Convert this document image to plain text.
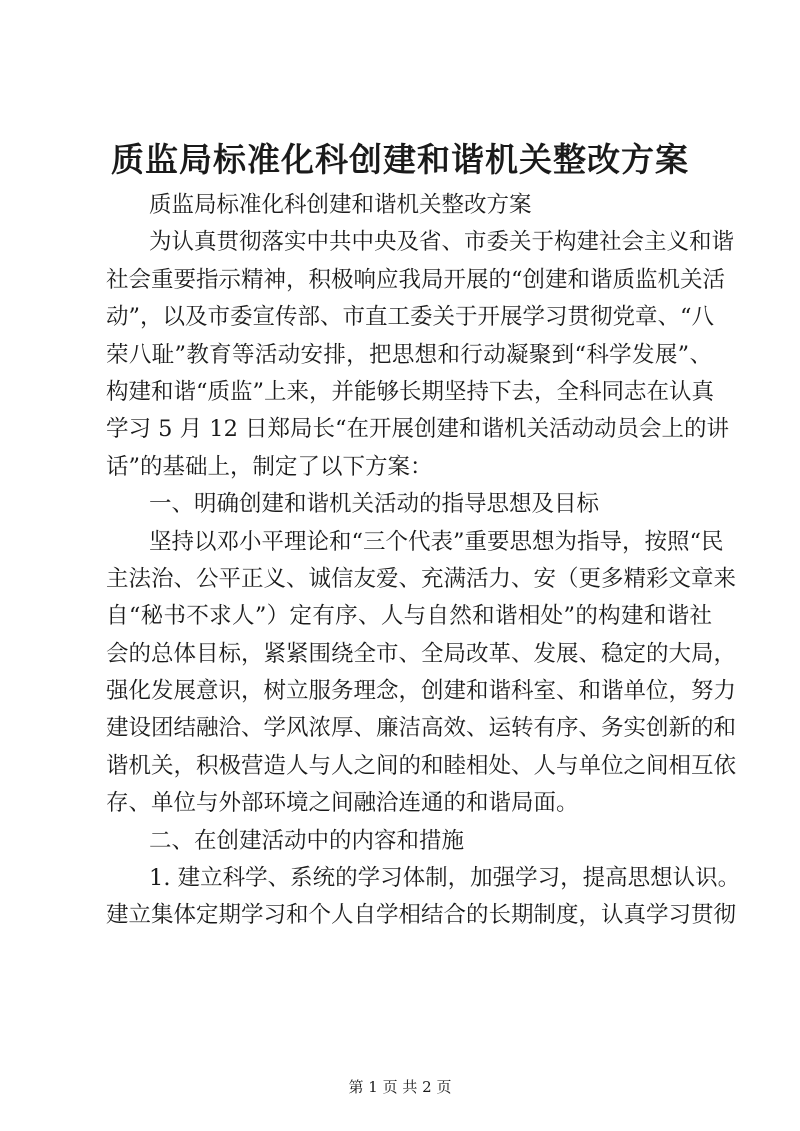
质监局标准化科创建和谐机关整改方案
质监局标准化科创建和谐机关整改方案
为认真贯彻落实中共中央及省、市委关于构建社会主义和谐
社会重要指示精神，积极响应我局开展的“创建和谐质监机关活
动”，以及市委宣传部、市直工委关于开展学习贯彻党章、“八
荣八耻”教育等活动安排，把思想和行动凝聚到“科学发展”、
构建和谐“质监”上来，并能够长期坚持下去，全科同志在认真
学习 5 月 12 日郑局长“在开展创建和谐机关活动动员会上的讲
话”的基础上，制定了以下方案：
一、明确创建和谐机关活动的指导思想及目标
坚持以邓小平理论和“三个代表”重要思想为指导，按照“民
主法治、公平正义、诚信友爱、充满活力、安（更多精彩文章来
自“秘书不求人”）定有序、人与自然和谐相处”的构建和谐社
会的总体目标，紧紧围绕全市、全局改革、发展、稳定的大局，
强化发展意识，树立服务理念，创建和谐科室、和谐单位，努力
建设团结融洽、学风浓厚、廉洁高效、运转有序、务实创新的和
谐机关，积极营造人与人之间的和睦相处、人与单位之间相互依
存、单位与外部环境之间融洽连通的和谐局面。
二、在创建活动中的内容和措施
1. 建立科学、系统的学习体制，加强学习，提高思想认识。
建立集体定期学习和个人自学相结合的长期制度，认真学习贯彻
第 1 页 共 2 页
